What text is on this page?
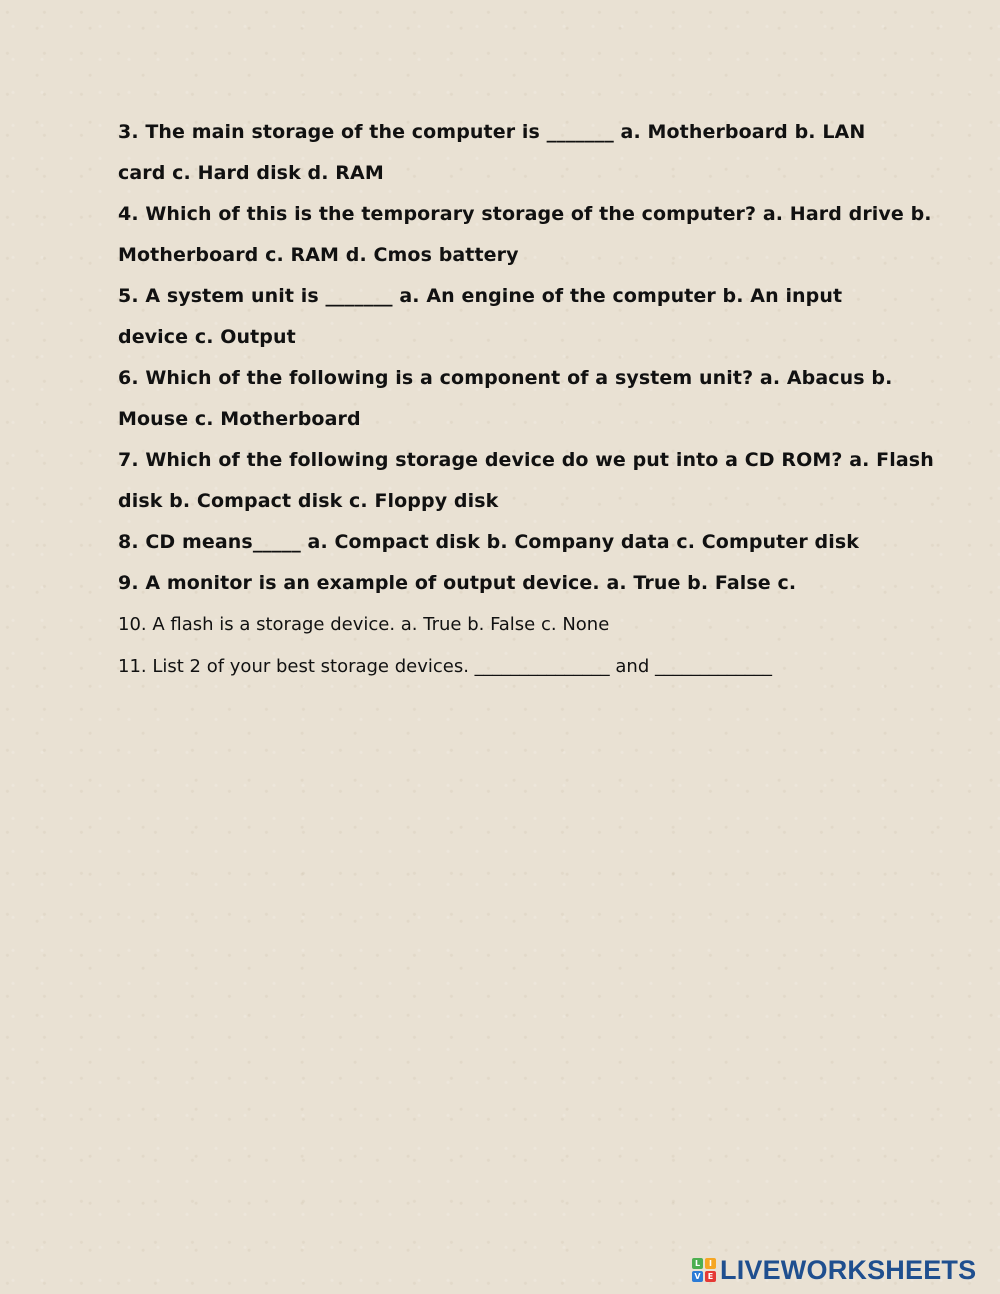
3. The main storage of the computer is _______ a. Motherboard b. LAN
card c. Hard disk d. RAM
4. Which of this is the temporary storage of the computer? a. Hard drive b.
Motherboard c. RAM d. Cmos battery
5. A system unit is _______ a. An engine of the computer b. An input
device c. Output
6. Which of the following is a component of a system unit? a. Abacus b.
Mouse c. Motherboard
7. Which of the following storage device do we put into a CD ROM? a. Flash
disk b. Compact disk c. Floppy disk
8. CD means_____ a. Compact disk b. Company data c. Computer disk
9. A monitor is an example of output device. a. True b. False c.
10. A flash is a storage device. a. True b. False c. None
11. List 2 of your best storage devices. _______________ and _____________
L	I
V E LIVEWORKSHEETS
